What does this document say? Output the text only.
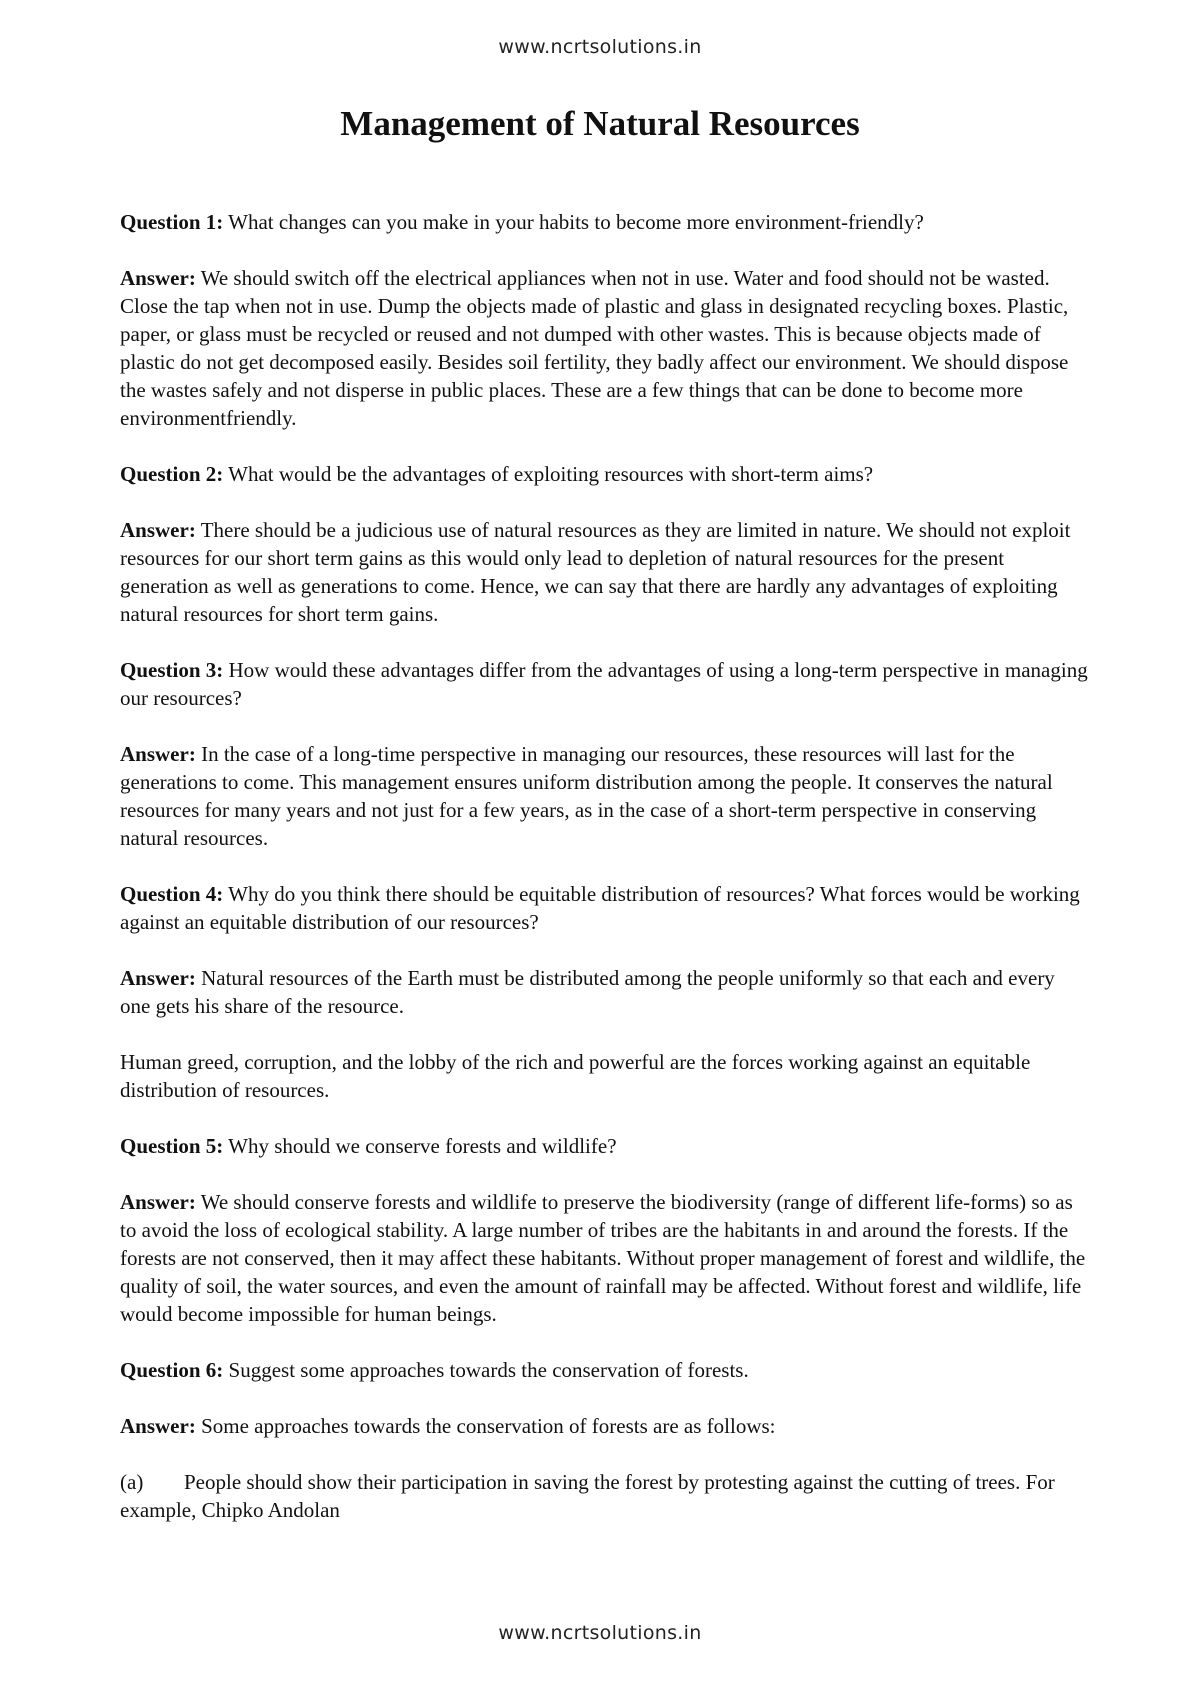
www.ncrtsolutions.in
Management of Natural Resources

Question 1: What changes can you make in your habits to become more environment-friendly?

Answer: We should switch off the electrical appliances when not in use. Water and food should not be wasted. Close the tap when not in use. Dump the objects made of plastic and glass in designated recycling boxes. Plastic, paper, or glass must be recycled or reused and not dumped with other wastes. This is because objects made of plastic do not get decomposed easily. Besides soil fertility, they badly affect our environment. We should dispose the wastes safely and not disperse in public places. These are a few things that can be done to become more environmentfriendly.

Question 2: What would be the advantages of exploiting resources with short-term aims?

Answer: There should be a judicious use of natural resources as they are limited in nature. We should not exploit resources for our short term gains as this would only lead to depletion of natural resources for the present generation as well as generations to come. Hence, we can say that there are hardly any advantages of exploiting natural resources for short term gains.

Question 3: How would these advantages differ from the advantages of using a long-term perspective in managing our resources?

Answer: In the case of a long-time perspective in managing our resources, these resources will last for the generations to come. This management ensures uniform distribution among the people. It conserves the natural resources for many years and not just for a few years, as in the case of a short-term perspective in conserving natural resources.

Question 4: Why do you think there should be equitable distribution of resources? What forces would be working against an equitable distribution of our resources?

Answer: Natural resources of the Earth must be distributed among the people uniformly so that each and every one gets his share of the resource.

Human greed, corruption, and the lobby of the rich and powerful are the forces working against an equitable distribution of resources.

Question 5: Why should we conserve forests and wildlife?

Answer: We should conserve forests and wildlife to preserve the biodiversity (range of different life-forms) so as to avoid the loss of ecological stability. A large number of tribes are the habitants in and around the forests. If the forests are not conserved, then it may affect these habitants. Without proper management of forest and wildlife, the quality of soil, the water sources, and even the amount of rainfall may be affected. Without forest and wildlife, life would become impossible for human beings.

Question 6: Suggest some approaches towards the conservation of forests.

Answer: Some approaches towards the conservation of forests are as follows:

(a) People should show their participation in saving the forest by protesting against the cutting of trees. For example, Chipko Andolan

www.ncrtsolutions.in
